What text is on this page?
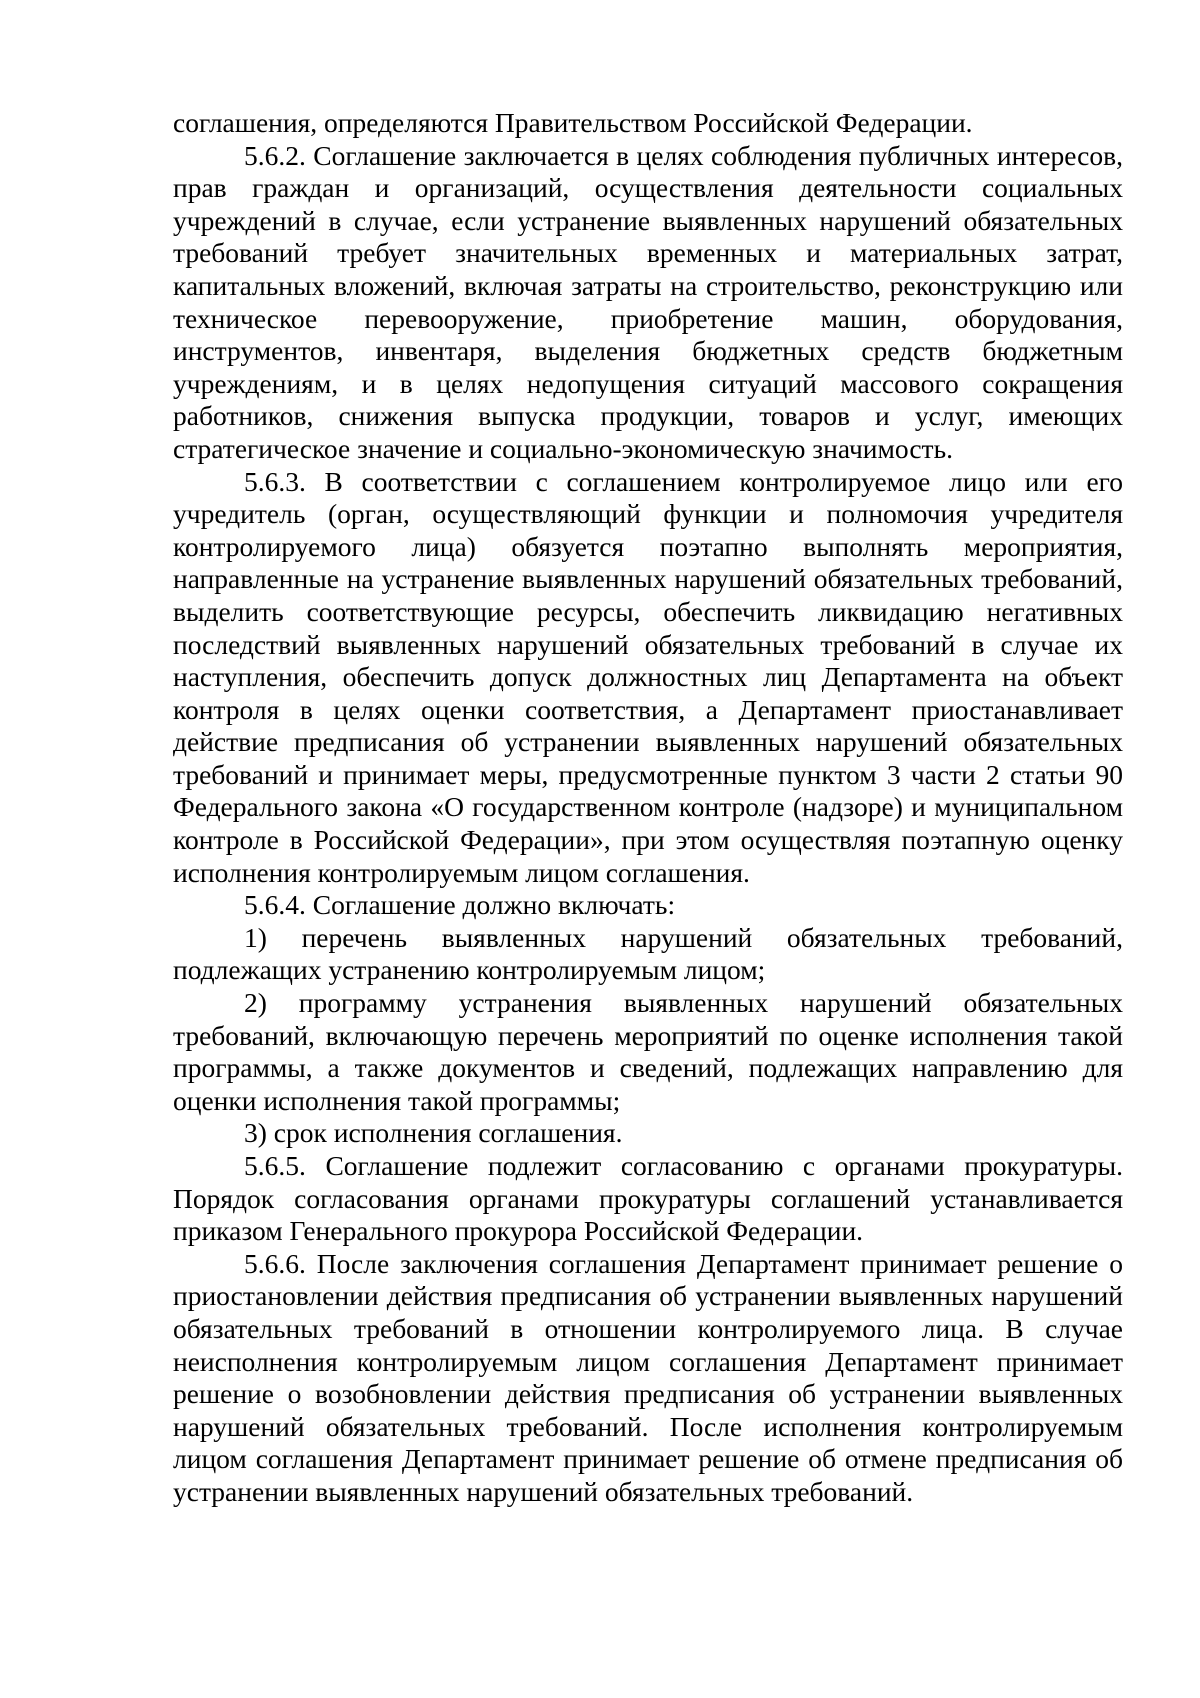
соглашения, определяются Правительством Российской Федерации.

5.6.2. Соглашение заключается в целях соблюдения публичных интересов, прав граждан и организаций, осуществления деятельности социальных учреждений в случае, если устранение выявленных нарушений обязательных требований требует значительных временных и материальных затрат, капитальных вложений, включая затраты на строительство, реконструкцию или техническое перевооружение, приобретение машин, оборудования, инструментов, инвентаря, выделения бюджетных средств бюджетным учреждениям, и в целях недопущения ситуаций массового сокращения работников, снижения выпуска продукции, товаров и услуг, имеющих стратегическое значение и социально-экономическую значимость.

5.6.3. В соответствии с соглашением контролируемое лицо или его учредитель (орган, осуществляющий функции и полномочия учредителя контролируемого лица) обязуется поэтапно выполнять мероприятия, направленные на устранение выявленных нарушений обязательных требований, выделить соответствующие ресурсы, обеспечить ликвидацию негативных последствий выявленных нарушений обязательных требований в случае их наступления, обеспечить допуск должностных лиц Департамента на объект контроля в целях оценки соответствия, а Департамент приостанавливает действие предписания об устранении выявленных нарушений обязательных требований и принимает меры, предусмотренные пунктом 3 части 2 статьи 90 Федерального закона «О государственном контроле (надзоре) и муниципальном контроле в Российской Федерации», при этом осуществляя поэтапную оценку исполнения контролируемым лицом соглашения.

5.6.4. Соглашение должно включать:

1) перечень выявленных нарушений обязательных требований, подлежащих устранению контролируемым лицом;

2) программу устранения выявленных нарушений обязательных требований, включающую перечень мероприятий по оценке исполнения такой программы, а также документов и сведений, подлежащих направлению для оценки исполнения такой программы;

3) срок исполнения соглашения.

5.6.5. Соглашение подлежит согласованию с органами прокуратуры. Порядок согласования органами прокуратуры соглашений устанавливается приказом Генерального прокурора Российской Федерации.

5.6.6. После заключения соглашения Департамент принимает решение о приостановлении действия предписания об устранении выявленных нарушений обязательных требований в отношении контролируемого лица. В случае неисполнения контролируемым лицом соглашения Департамент принимает решение о возобновлении действия предписания об устранении выявленных нарушений обязательных требований. После исполнения контролируемым лицом соглашения Департамент принимает решение об отмене предписания об устранении выявленных нарушений обязательных требований.
